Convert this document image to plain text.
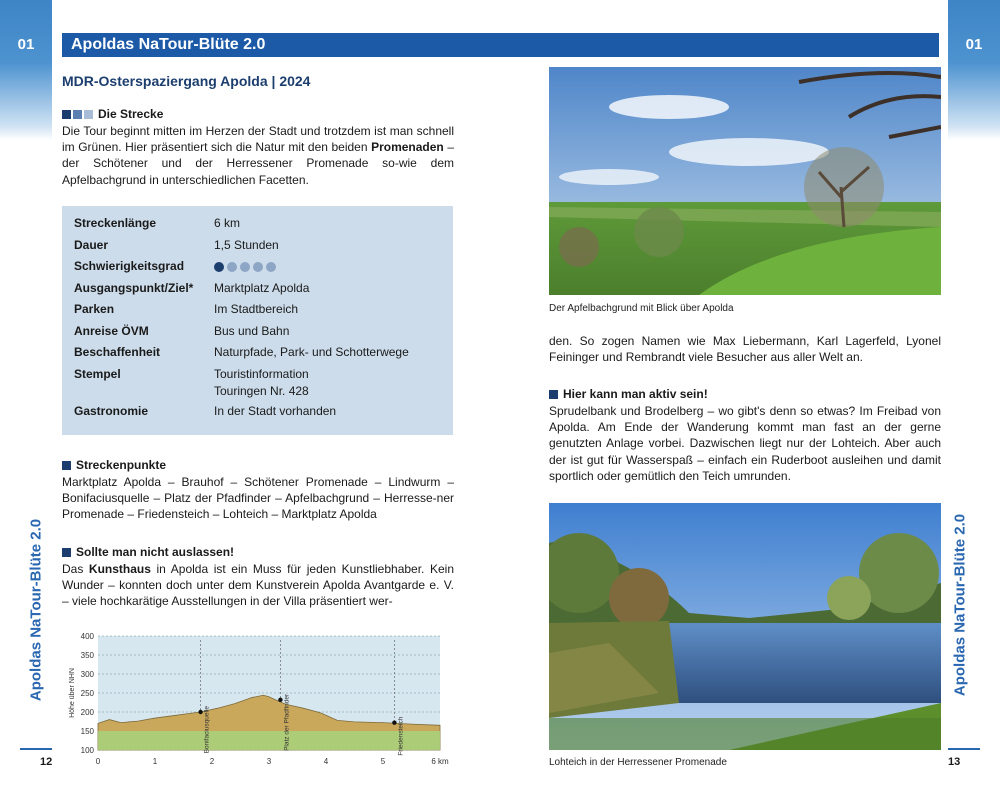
01	01
Apoldas NaTour-Blüte 2.0
Apoldas NaTour-Blüte 2.0	Apoldas NaTour-Blüte 2.0
12	13
MDR-Osterspaziergang Apolda | 2024
Die Strecke
Die Tour beginnt mitten im Herzen der Stadt und trotzdem ist man schnell im Grünen. Hier präsentiert sich die Natur mit den beiden Promenaden – der Schötener und der Herressener Promenade so-wie dem Apfelbachgrund in unterschiedlichen Facetten.
Streckenlänge	6 km
Dauer	1,5 Stunden
Schwierigkeitsgrad
Ausgangspunkt/Ziel*	Marktplatz Apolda
Parken	Im Stadtbereich
Anreise ÖVM	Bus und Bahn
Beschaffenheit	Naturpfade, Park- und Schotterwege
Stempel	Touristinformation
Touringen Nr. 428
Gastronomie	In der Stadt vorhanden
Streckenpunkte
Marktplatz Apolda – Brauhof – Schötener Promenade – Lindwurm – Bonifaciusquelle – Platz der Pfadfinder – Apfelbachgrund – Herresse-ner Promenade – Friedensteich – Lohteich – Marktplatz Apolda
Sollte man nicht auslassen!
Das Kunsthaus in Apolda ist ein Muss für jeden Kunstliebhaber. Kein Wunder – konnten doch unter dem Kunstverein Apolda Avantgarde e. V. – viele hochkarätige Ausstellungen in der Villa präsentiert wer-
100
150
200
250
300
350
400
0	1	2	3	4	5	6 km
Höhe über NHN
Bonifaciusquelle	Platz der Pfadfinder	Friedensteich
Der Apfelbachgrund mit Blick über Apolda
den. So zogen Namen wie Max Liebermann, Karl Lagerfeld, Lyonel Feininger und Rembrandt viele Besucher aus aller Welt an.
Hier kann man aktiv sein!
Sprudelbank und Brodelberg – wo gibt's denn so etwas? Im Freibad von Apolda. Am Ende der Wanderung kommt man fast an der gerne genutzten Anlage vorbei. Dazwischen liegt nur der Lohteich. Aber auch der ist gut für Wasserspaß – einfach ein Ruderboot ausleihen und damit sportlich oder gemütlich den Teich umrunden.
Lohteich in der Herressener Promenade
